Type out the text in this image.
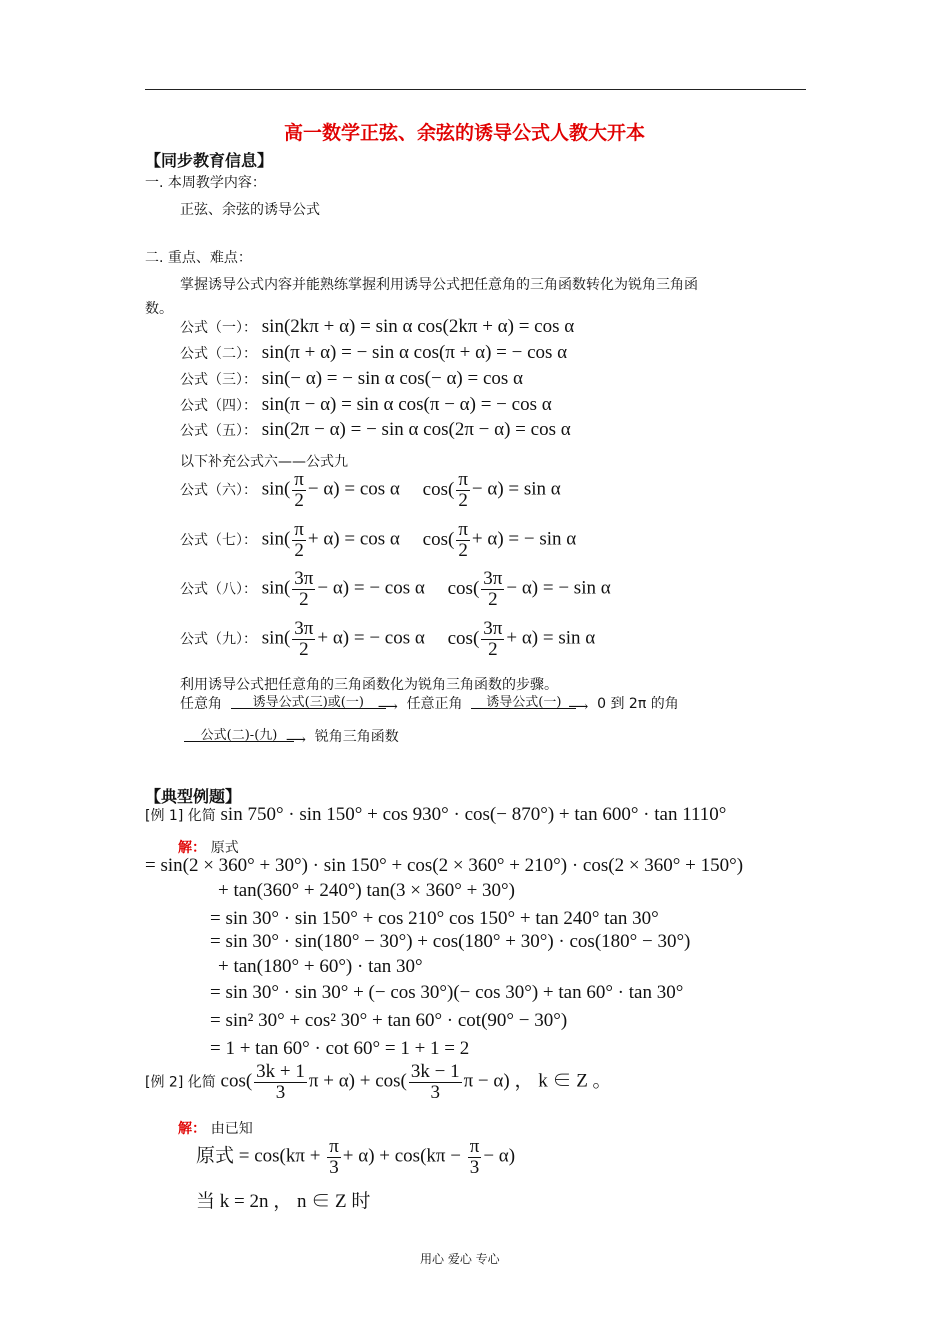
高一数学正弦、余弦的诱导公式人教大开本
【同步教育信息】
一. 本周教学内容：
正弦、余弦的诱导公式
二. 重点、难点：
掌握诱导公式内容并能熟练掌握利用诱导公式把任意角的三角函数转化为锐角三角函
数。
公式（一）： sin(2kπ + α) = sin α cos(2kπ + α) = cos α
公式（二）： sin(π + α) = − sin α cos(π + α) = − cos α
公式（三）： sin(− α) = − sin α cos(− α) = cos α
公式（四）： sin(π − α) = sin α cos(π − α) = − cos α
公式（五）： sin(2π − α) = − sin α cos(2π − α) = cos α
以下补充公式六——公式九
公式（六）： $\sin( \frac{\pi}{2} - \alpha) = \cos \alpha$ $\cos( \frac{\pi}{2} - \alpha) = \sin \alpha$
公式（七）： $\sin( \frac{\pi}{2} + \alpha) = \cos \alpha$ $\cos( \frac{\pi}{2} + \alpha)$ = − sin α
公式（八）： $\sin( \frac{3\pi}{2} - \alpha)$ = − cos α $\cos( \frac{3\pi}{2} - \alpha)$ = − sin α
公式（九）： $\sin( \frac{3\pi}{2} + \alpha)$ = − cos α $\cos( \frac{3\pi}{2} + \alpha) = \sin \alpha$
利用诱导公式把任意角的三角函数化为锐角三角函数的步骤。
任意角	诱导公式(三)或(一) ⟶	任意正角	诱导公式(一) ⟶	0 到 2π 的角
公式(二)-(九) ⟶	锐角三角函数
【典型例题】
[例 1] 化简 sin 750° · sin 150° + cos 930° · cos(− 870°) + tan 600° · tan 1110°
解： 原式
= sin(2 × 360° + 30°) · sin 150° + cos(2 × 360° + 210°) · cos(2 × 360° + 150°)
+ tan(360° + 240°) tan(3 × 360° + 30°)
= sin 30° · sin 150° + cos 210° cos 150° + tan 240° tan 30°
= sin 30° · sin(180° − 30°) + cos(180° + 30°) · cos(180° − 30°)
+ tan(180° + 60°) · tan 30°
= sin 30° · sin 30° + (− cos 30°)(− cos 30°) + tan 60° · tan 30°
= sin² 30° + cos² 30° + tan 60° · cot(90° − 30°)
= 1 + tan 60° · cot 60° = 1 + 1 = 2
[例 2] 化简 $\cos( \frac{3k + 1}{3}$ $\pi + \alpha) + \cos( \frac{3k - 1}{3}$ π − α) ， k ∈ Z 。
解： 由已知
原式 = $\cos(k\pi + \frac{\pi}{3} + \alpha) + \cos(k\pi - \frac{\pi}{3} - \alpha)$
当 k = 2n ， n ∈ Z 时
用心 爱心 专心
